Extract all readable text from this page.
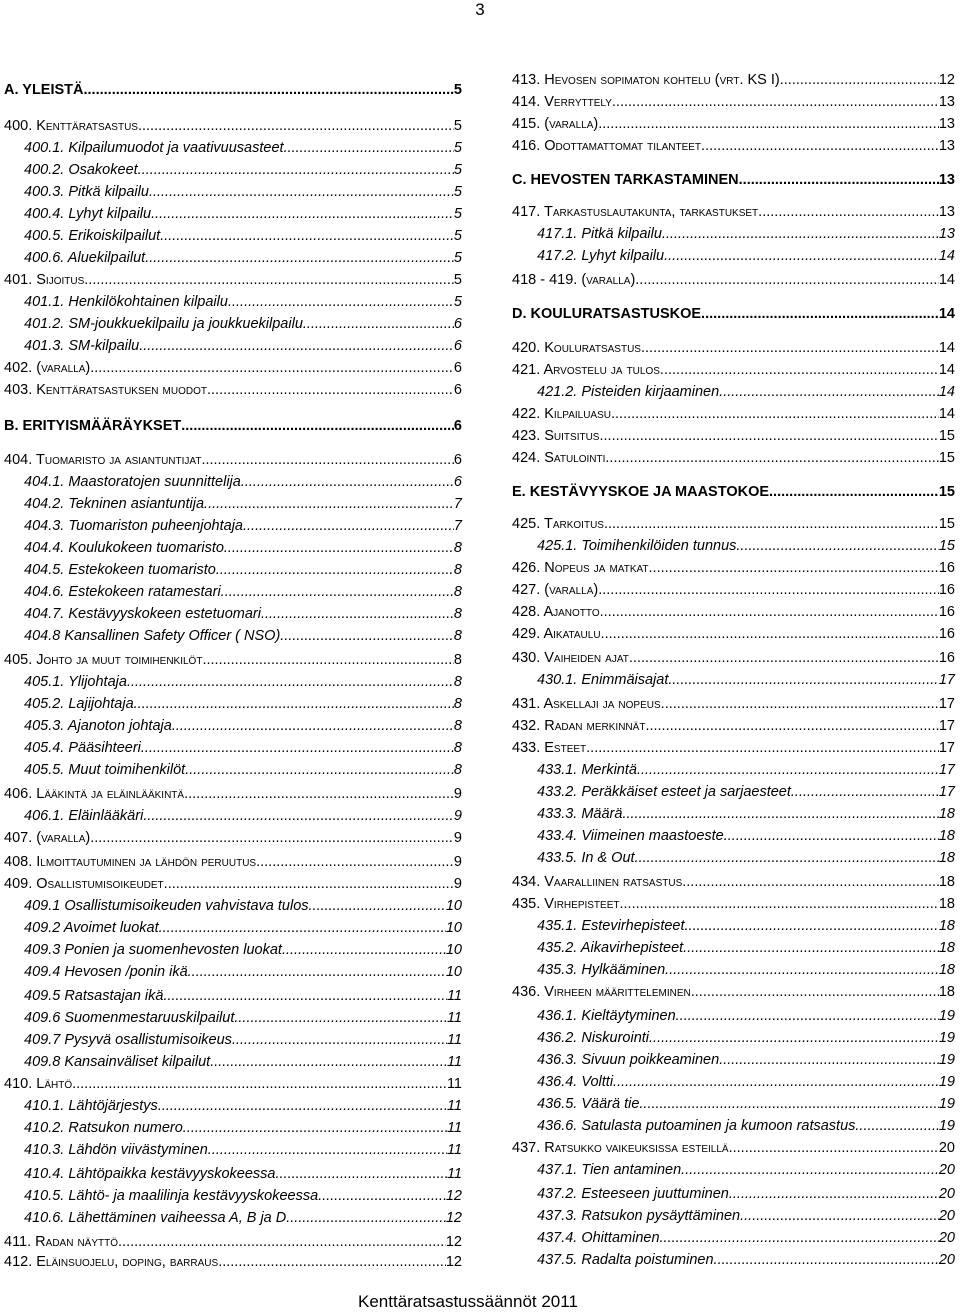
3
A. YLEISTÄ .....	5
400. Kenttäratsastus .....	5
400.1. Kilpailumuodot ja vaativuusasteet .....	5
400.2. Osakokeet .....	5
400.3. Pitkä kilpailu .....	5
400.4. Lyhyt kilpailu .....	5
400.5. Erikoiskilpailut .....	5
400.6. Aluekilpailut .....	5
401. Sijoitus .....	5
401.1. Henkilökohtainen kilpailu .....	5
401.2. SM-joukkuekilpailu ja joukkuekilpailu .....	6
401.3. SM-kilpailu .....	6
402. (varalla) .....	6
403. Kenttäratsastuksen muodot .....	6
B. ERITYISMÄÄRÄYKSET .....	6
404. Tuomaristo ja asiantuntijat .....	6
404.1. Maastoratojen suunnittelija .....	6
404.2. Tekninen asiantuntija .....	7
404.3. Tuomariston puheenjohtaja .....	7
404.4. Koulukokeen tuomaristo .....	8
404.5. Estekokeen tuomaristo .....	8
404.6. Estekokeen ratamestari .....	8
404.7. Kestävyyskokeen estetuomari .....	8
404.8 Kansallinen Safety Officer ( NSO) .....	8
405. Johto ja muut toimihenkilöt .....	8
405.1. Ylijohtaja .....	8
405.2. Lajijohtaja .....	8
405.3. Ajanoton johtaja .....	8
405.4. Pääsihteeri .....	8
405.5. Muut toimihenkilöt .....	8
406. Lääkintä ja eläinlääkintä .....	9
406.1. Eläinlääkäri .....	9
407. (varalla) .....	9
408. Ilmoittautuminen ja lähdön peruutus .....	9
409. Osallistumisoikeudet .....	9
409.1 Osallistumisoikeuden vahvistava tulos .....	10
409.2 Avoimet luokat .....	10
409.3 Ponien ja suomenhevosten luokat .....	10
409.4 Hevosen /ponin ikä .....	10
409.5 Ratsastajan ikä .....	11
409.6 Suomenmestaruuskilpailut .....	11
409.7 Pysyvä osallistumisoikeus .....	11
409.8 Kansainväliset kilpailut .....	11
410. Lähtö .....	11
410.1. Lähtöjärjestys .....	11
410.2. Ratsukon numero .....	11
410.3. Lähdön viivästyminen .....	11
410.4. Lähtöpaikka kestävyyskokeessa .....	11
410.5. Lähtö- ja maalilinja kestävyyskokeessa .....	12
410.6. Lähettäminen vaiheessa A, B ja D .....	12
411. Radan näyttö .....	12
412. Eläinsuojelu, doping, barraus .....	12
413. Hevosen sopimaton kohtelu (vrt. KS I) .....	12
414. Verryttely .....	13
415. (varalla) .....	13
416. Odottamattomat tilanteet .....	13
C. HEVOSTEN TARKASTAMINEN .....	13
417. Tarkastuslautakunta, tarkastukset .....	13
417.1. Pitkä kilpailu .....	13
417.2. Lyhyt kilpailu .....	14
418 - 419. (varalla) .....	14
D. KOULURATSASTUSKOE .....	14
420. Kouluratsastus .....	14
421. Arvostelu ja tulos .....	14
421.2. Pisteiden kirjaaminen .....	14
422. Kilpailuasu .....	14
423. Suitsitus .....	15
424. Satulointi .....	15
E. KESTÄVYYSKOE JA MAASTOKOE .....	15
425. Tarkoitus .....	15
425.1. Toimihenkilöiden tunnus .....	15
426. Nopeus ja matkat .....	16
427. (varalla) .....	16
428. Ajanotto .....	16
429. Aikataulu .....	16
430. Vaiheiden ajat .....	16
430.1. Enimmäisajat .....	17
431. Askellaji ja nopeus .....	17
432. Radan merkinnät .....	17
433. Esteet .....	17
433.1. Merkintä .....	17
433.2. Peräkkäiset esteet ja sarjaesteet .....	17
433.3. Määrä .....	18
433.4. Viimeinen maastoeste .....	18
433.5. In & Out .....	18
434. Vaaralliinen ratsastus .....	18
435. Virhepisteet .....	18
435.1. Estevirhepisteet .....	18
435.2. Aikavirhepisteet .....	18
435.3. Hylkääminen .....	18
436. Virheen määritteleminen .....	18
436.1. Kieltäytyminen .....	19
436.2. Niskurointi .....	19
436.3. Sivuun poikkeaminen .....	19
436.4. Voltti .....	19
436.5. Väärä tie .....	19
436.6. Satulasta putoaminen ja kumoon ratsastus .....	19
437. Ratsukko vaikeuksissa esteillä .....	20
437.1. Tien antaminen .....	20
437.2. Esteeseen juuttuminen .....	20
437.3. Ratsukon pysäyttäminen .....	20
437.4. Ohittaminen .....	20
437.5. Radalta poistuminen .....	20
Kenttäratsastussäännöt 2011
